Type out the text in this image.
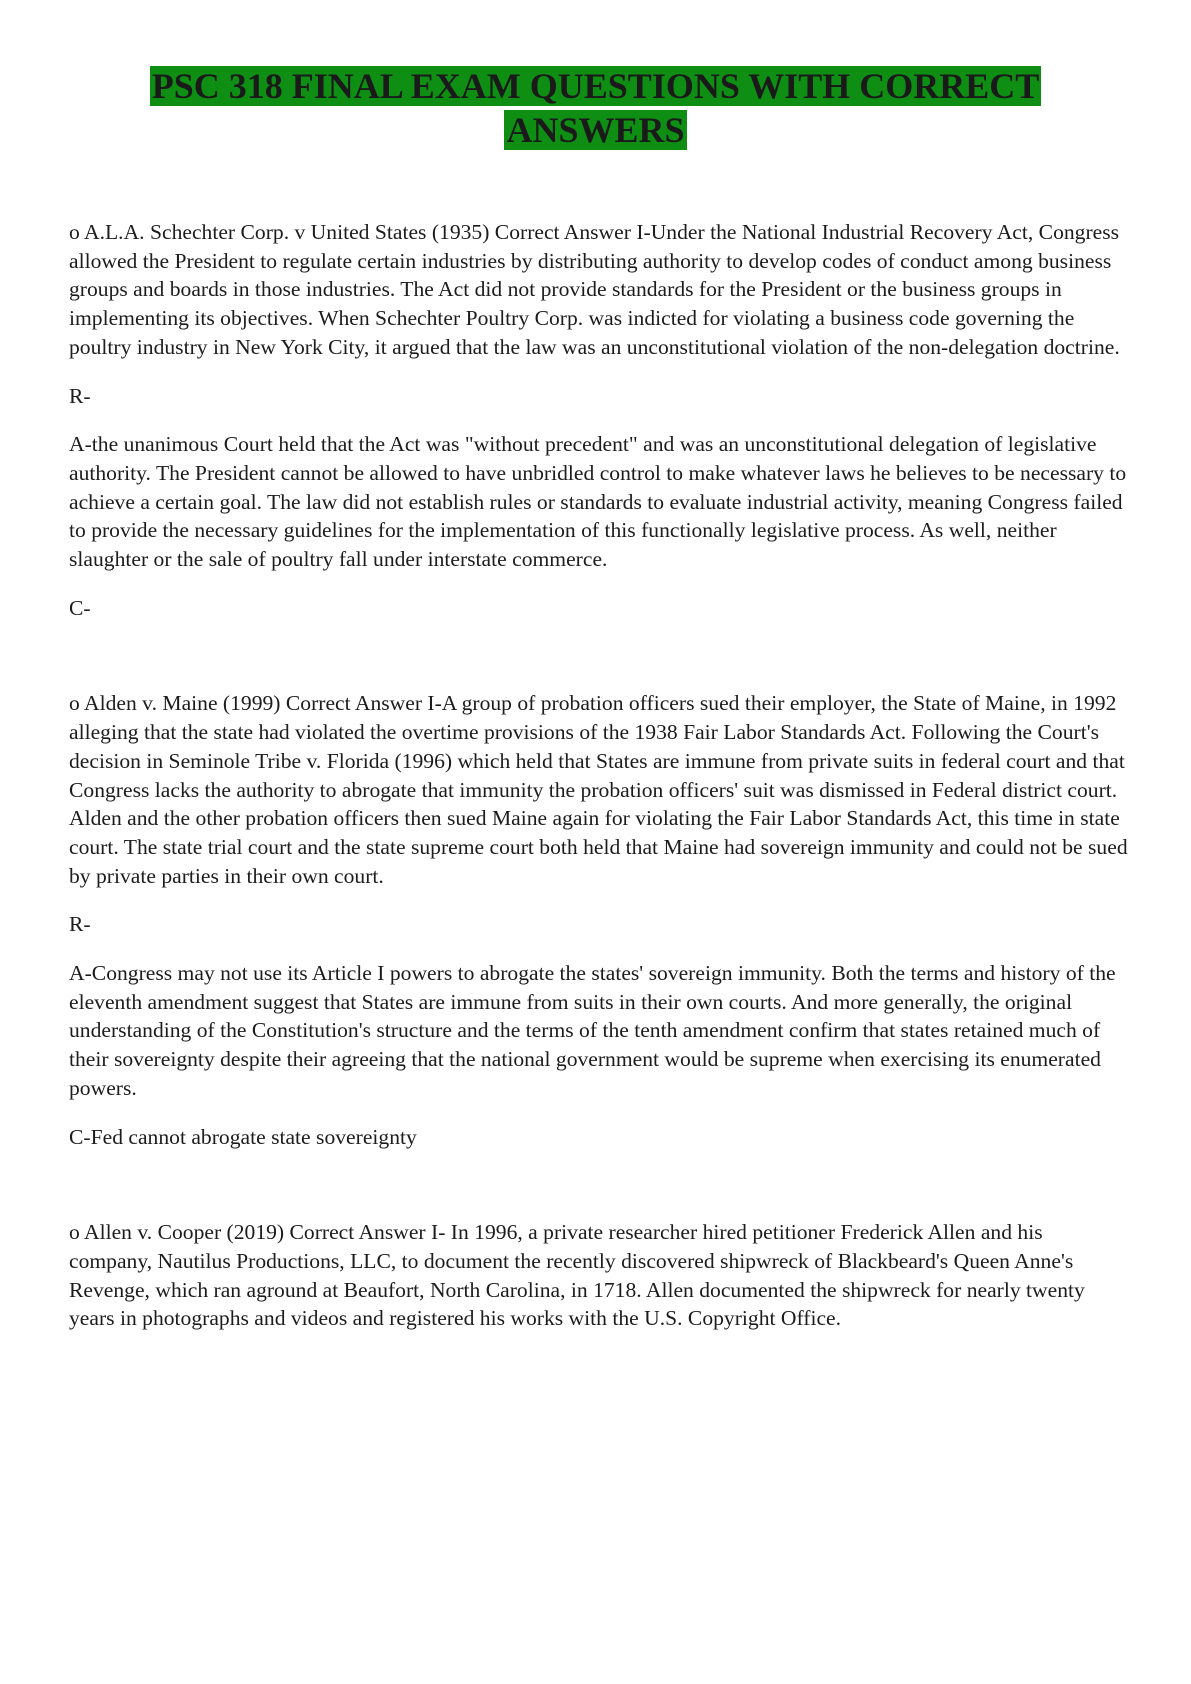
PSC 318 FINAL EXAM QUESTIONS WITH CORRECT
ANSWERS

o A.L.A. Schechter Corp. v United States (1935) Correct Answer I-Under the National Industrial Recovery Act, Congress allowed the President to regulate certain industries by distributing authority to develop codes of conduct among business groups and boards in those industries. The Act did not provide standards for the President or the business groups in implementing its objectives. When Schechter Poultry Corp. was indicted for violating a business code governing the poultry industry in New York City, it argued that the law was an unconstitutional violation of the non-delegation doctrine.

R-

A-the unanimous Court held that the Act was "without precedent" and was an unconstitutional delegation of legislative authority. The President cannot be allowed to have unbridled control to make whatever laws he believes to be necessary to achieve a certain goal. The law did not establish rules or standards to evaluate industrial activity, meaning Congress failed to provide the necessary guidelines for the implementation of this functionally legislative process. As well, neither slaughter or the sale of poultry fall under interstate commerce.

C-

o Alden v. Maine (1999) Correct Answer I-A group of probation officers sued their employer, the State of Maine, in 1992 alleging that the state had violated the overtime provisions of the 1938 Fair Labor Standards Act. Following the Court's decision in Seminole Tribe v. Florida (1996) which held that States are immune from private suits in federal court and that Congress lacks the authority to abrogate that immunity the probation officers' suit was dismissed in Federal district court. Alden and the other probation officers then sued Maine again for violating the Fair Labor Standards Act, this time in state court. The state trial court and the state supreme court both held that Maine had sovereign immunity and could not be sued by private parties in their own court.

R-

A-Congress may not use its Article I powers to abrogate the states' sovereign immunity. Both the terms and history of the eleventh amendment suggest that States are immune from suits in their own courts. And more generally, the original understanding of the Constitution's structure and the terms of the tenth amendment confirm that states retained much of their sovereignty despite their agreeing that the national government would be supreme when exercising its enumerated powers.

C-Fed cannot abrogate state sovereignty

o Allen v. Cooper (2019) Correct Answer I- In 1996, a private researcher hired petitioner Frederick Allen and his company, Nautilus Productions, LLC, to document the recently discovered shipwreck of Blackbeard's Queen Anne's Revenge, which ran aground at Beaufort, North Carolina, in 1718. Allen documented the shipwreck for nearly twenty years in photographs and videos and registered his works with the U.S. Copyright Office.
